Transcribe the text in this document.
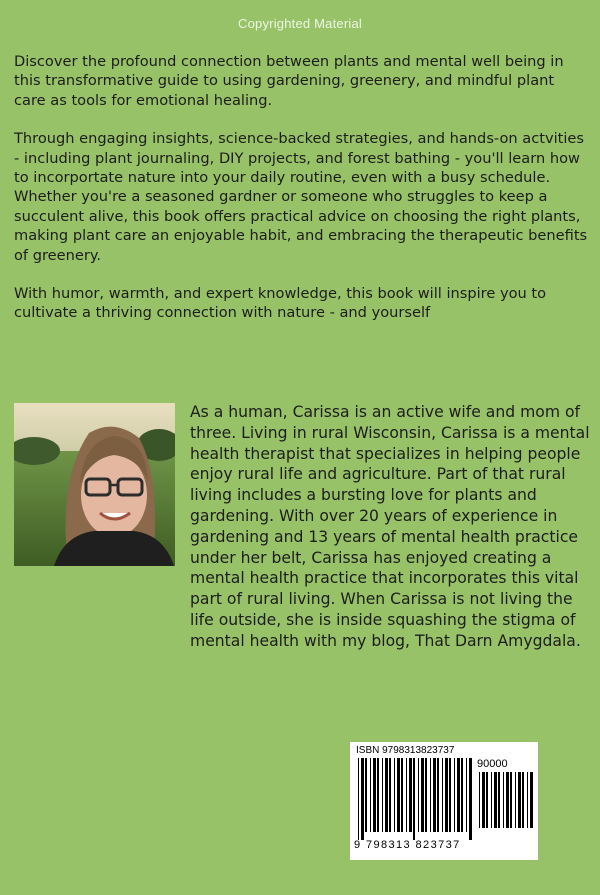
Copyrighted Material

Discover the profound connection between plants and mental well being in this transformative guide to using gardening, greenery, and mindful plant care as tools for emotional healing.

Through engaging insights, science-backed strategies, and hands-on actvities - including plant journaling, DIY projects, and forest bathing - you'll learn how to incorportate nature into your daily routine, even with a busy schedule. Whether you're a seasoned gardner or someone who struggles to keep a succulent alive, this book offers practical advice on choosing the right plants, making plant care an enjoyable habit, and embracing the therapeutic benefits of greenery.

With humor, warmth, and expert knowledge, this book will inspire you to cultivate a thriving connection with nature - and yourself

As a human, Carissa is an active wife and mom of three. Living in rural Wisconsin, Carissa is a mental health therapist that specializes in helping people enjoy rural life and agriculture. Part of that rural living includes a bursting love for plants and gardening. With over 20 years of experience in gardening and 13 years of mental health practice under her belt, Carissa has enjoyed creating a mental health practice that incorporates this vital part of rural living. When Carissa is not living the life outside, she is inside squashing the stigma of mental health with my blog, That Darn Amygdala.
ISBN 9798313823737
90000
9 798313 823737
